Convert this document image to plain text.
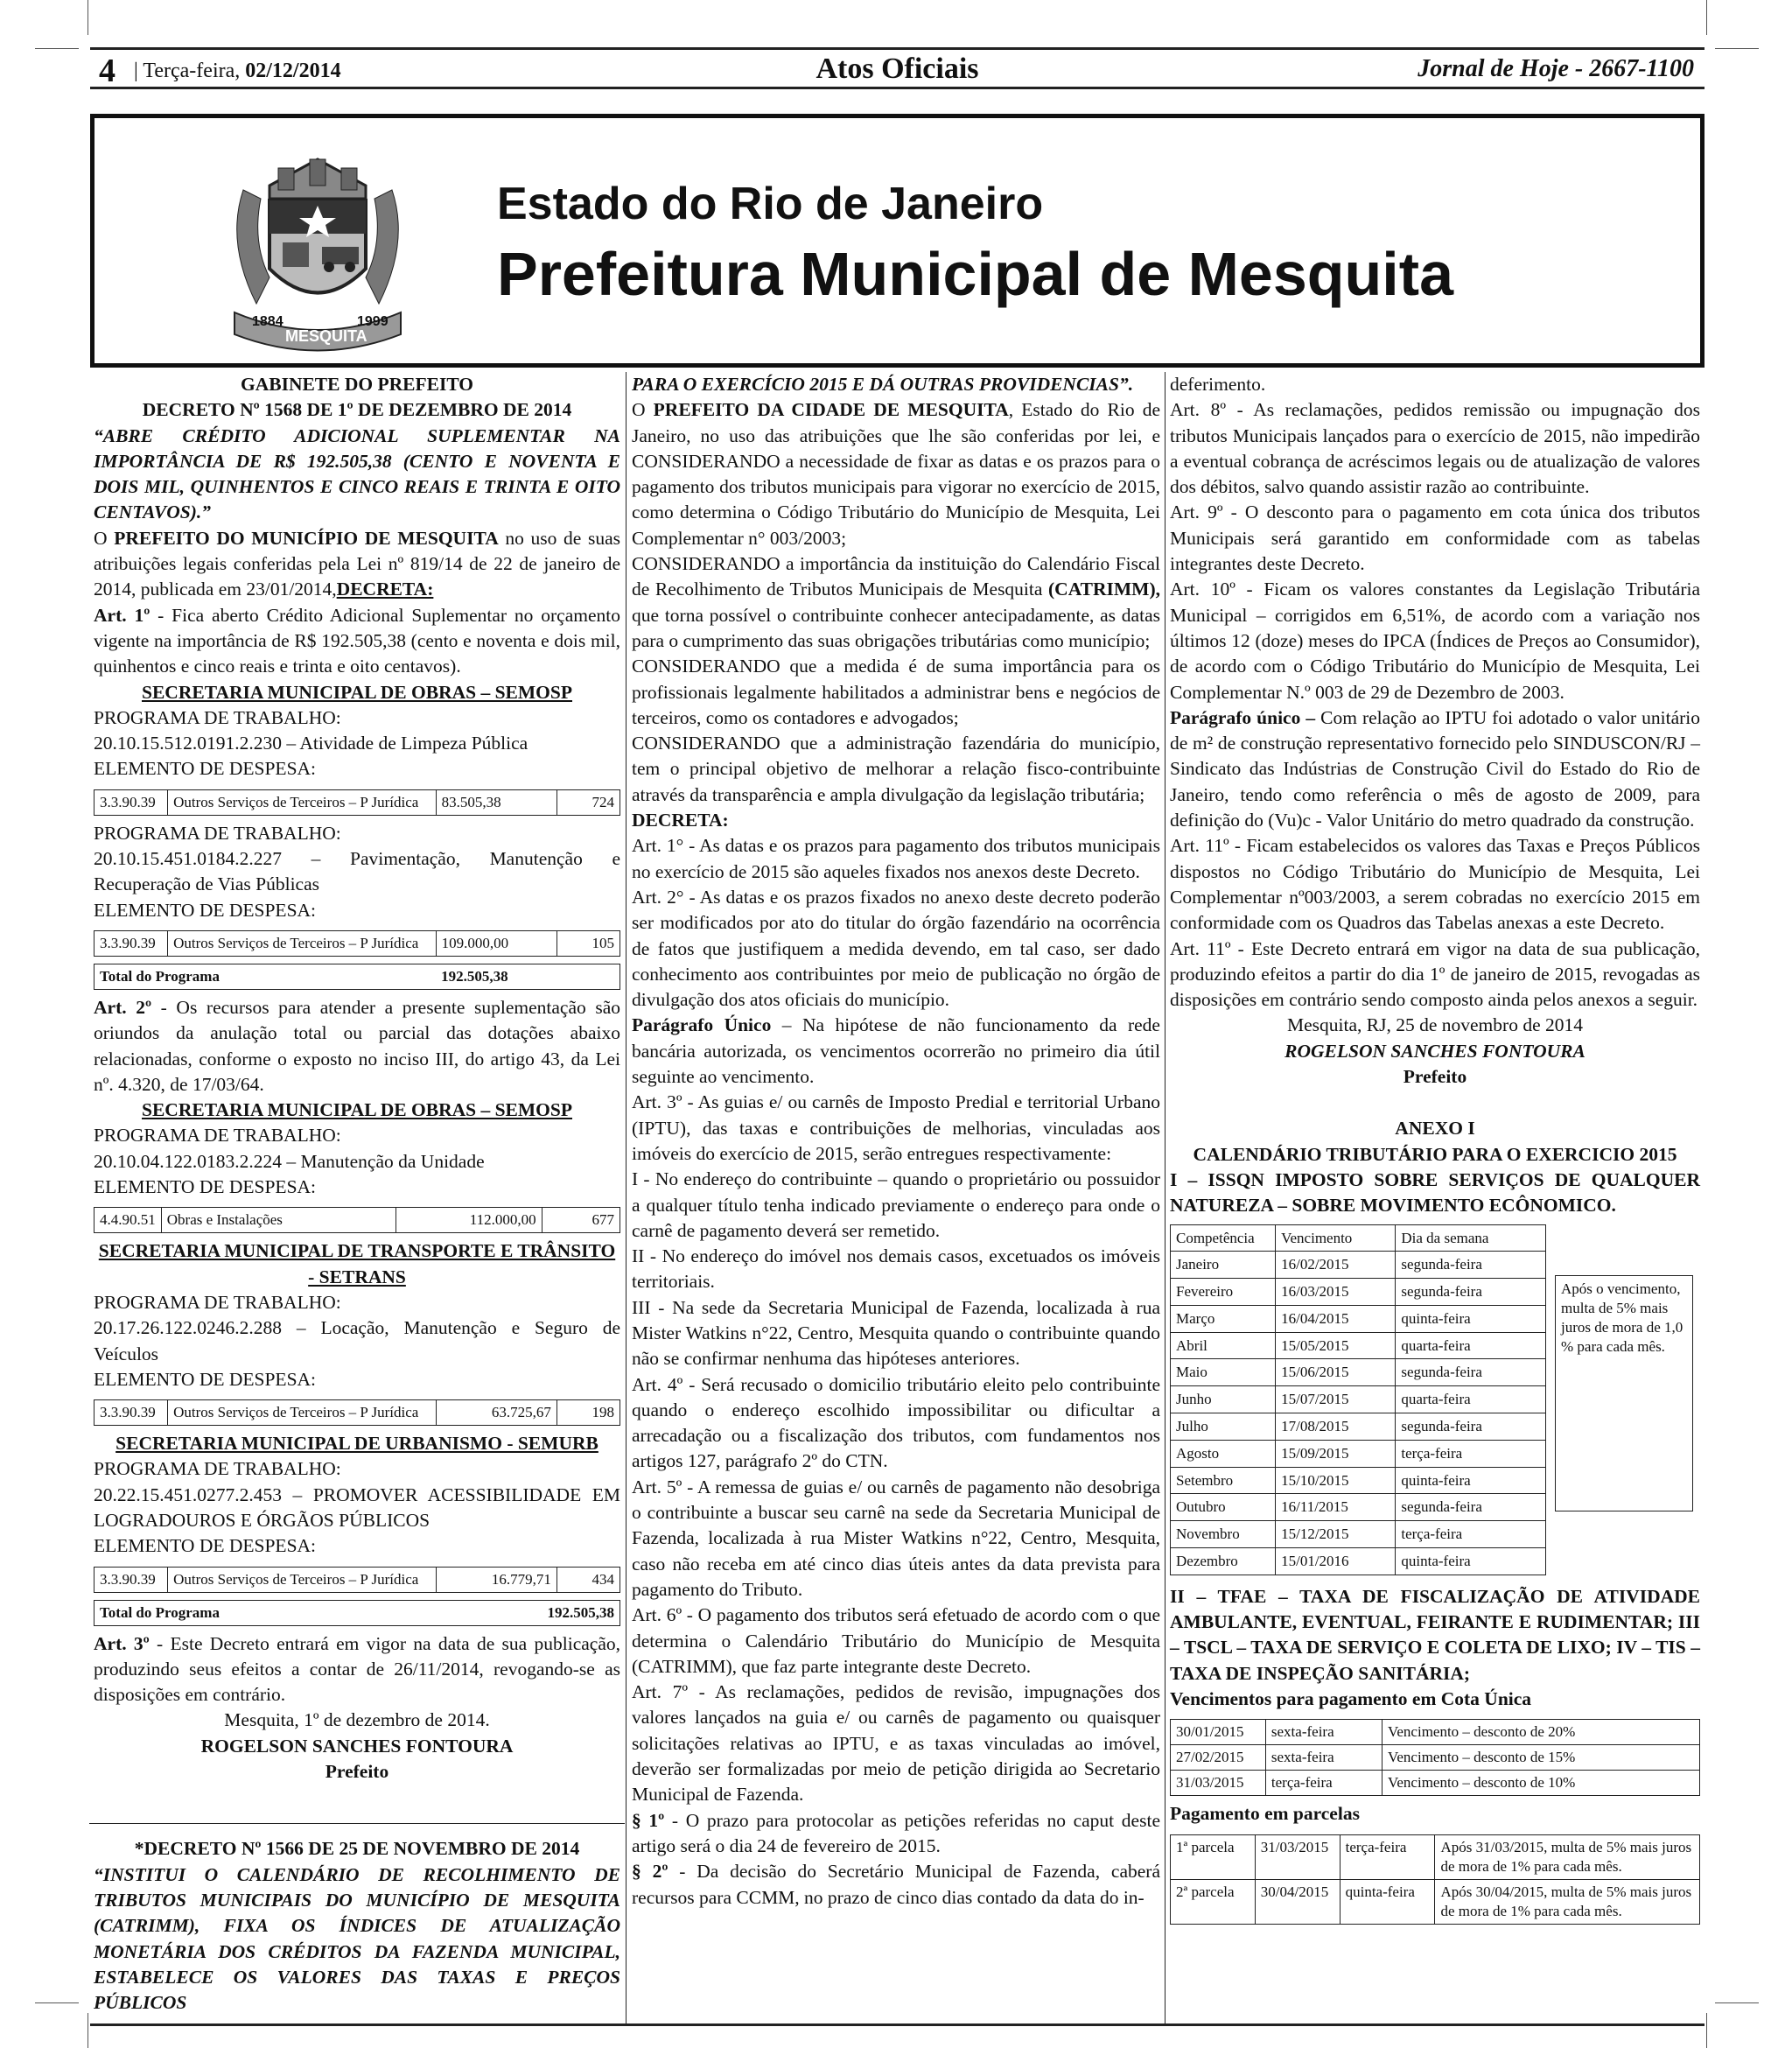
4 | Terça-feira, 02/12/2014	Atos Oficiais	Jornal de Hoje - 2667-1100
1884
MESQUITA
1999
Estado do Rio de Janeiro
Prefeitura Municipal de Mesquita

GABINETE DO PREFEITO

DECRETO Nº 1568 DE 1º DE DEZEMBRO DE 2014

“ABRE CRÉDITO ADICIONAL SUPLEMENTAR NA IMPORTÂNCIA DE R$ 192.505,38 (CENTO E NOVENTA E DOIS MIL, QUINHENTOS E CINCO REAIS E TRINTA E OITO CENTAVOS).”

O PREFEITO DO MUNICÍPIO DE MESQUITA no uso de suas atribuições legais conferidas pela Lei nº 819/14 de 22 de janeiro de 2014, publicada em 23/01/2014,DECRETA:

Art. 1º - Fica aberto Crédito Adicional Suplementar no orçamento vigente na importância de R$ 192.505,38 (cento e noventa e dois mil, quinhentos e cinco reais e trinta e oito centavos).

SECRETARIA MUNICIPAL DE OBRAS – SEMOSP

PROGRAMA DE TRABALHO:

20.10.15.512.0191.2.230 – Atividade de Limpeza Pública

ELEMENTO DE DESPESA:

3.3.90.39	Outros Serviços de Terceiros – P Jurídica	83.505,38	724

PROGRAMA DE TRABALHO:

20.10.15.451.0184.2.227 – Pavimentação, Manutenção e Recuperação de Vias Públicas

ELEMENTO DE DESPESA:

3.3.90.39	Outros Serviços de Terceiros – P Jurídica	109.000,00	105
Total do Programa	192.505,38

Art. 2º - Os recursos para atender a presente suplementação são oriundos da anulação total ou parcial das dotações abaixo relacionadas, conforme o exposto no inciso III, do artigo 43, da Lei nº. 4.320, de 17/03/64.

SECRETARIA MUNICIPAL DE OBRAS – SEMOSP

PROGRAMA DE TRABALHO:

20.10.04.122.0183.2.224 – Manutenção da Unidade

ELEMENTO DE DESPESA:

4.4.90.51	Obras e Instalações	112.000,00	677

SECRETARIA MUNICIPAL DE TRANSPORTE E TRÂNSITO - SETRANS

PROGRAMA DE TRABALHO:

20.17.26.122.0246.2.288 – Locação, Manutenção e Seguro de Veículos

ELEMENTO DE DESPESA:

3.3.90.39	Outros Serviços de Terceiros – P Jurídica	63.725,67	198

SECRETARIA MUNICIPAL DE URBANISMO - SEMURB

PROGRAMA DE TRABALHO:

20.22.15.451.0277.2.453 – PROMOVER ACESSIBILIDADE EM LOGRADOUROS E ÓRGÃOS PÚBLICOS

ELEMENTO DE DESPESA:

3.3.90.39	Outros Serviços de Terceiros – P Jurídica	16.779,71	434
Total do Programa	192.505,38

Art. 3º - Este Decreto entrará em vigor na data de sua publicação, produzindo seus efeitos a contar de 26/11/2014, revogando-se as disposições em contrário.

Mesquita, 1º de dezembro de 2014.

ROGELSON SANCHES FONTOURA

Prefeito

*DECRETO Nº 1566 DE 25 DE NOVEMBRO DE 2014

“INSTITUI O CALENDÁRIO DE RECOLHIMENTO DE TRIBUTOS MUNICIPAIS DO MUNICÍPIO DE MESQUITA (CATRIMM), FIXA OS ÍNDICES DE ATUALIZAÇÃO MONETÁRIA DOS CRÉDITOS DA FAZENDA MUNICIPAL, ESTABELECE OS VALORES DAS TAXAS E PREÇOS PÚBLICOS

PARA O EXERCÍCIO 2015 E DÁ OUTRAS PROVIDENCIAS”.

O PREFEITO DA CIDADE DE MESQUITA, Estado do Rio de Janeiro, no uso das atribuições que lhe são conferidas por lei, e CONSIDERANDO a necessidade de fixar as datas e os prazos para o pagamento dos tributos municipais para vigorar no exercício de 2015, como determina o Código Tributário do Município de Mesquita, Lei Complementar n° 003/2003;

CONSIDERANDO a importância da instituição do Calendário Fiscal de Recolhimento de Tributos Municipais de Mesquita (CATRIMM), que torna possível o contribuinte conhecer antecipadamente, as datas para o cumprimento das suas obrigações tributárias como município;

CONSIDERANDO que a medida é de suma importância para os profissionais legalmente habilitados a administrar bens e negócios de terceiros, como os contadores e advogados;

CONSIDERANDO que a administração fazendária do município, tem o principal objetivo de melhorar a relação fisco-contribuinte através da transparência e ampla divulgação da legislação tributária;

DECRETA:

Art. 1° - As datas e os prazos para pagamento dos tributos municipais no exercício de 2015 são aqueles fixados nos anexos deste Decreto.

Art. 2° - As datas e os prazos fixados no anexo deste decreto poderão ser modificados por ato do titular do órgão fazendário na ocorrência de fatos que justifiquem a medida devendo, em tal caso, ser dado conhecimento aos contribuintes por meio de publicação no órgão de divulgação dos atos oficiais do município.

Parágrafo Único – Na hipótese de não funcionamento da rede bancária autorizada, os vencimentos ocorrerão no primeiro dia útil seguinte ao vencimento.

Art. 3º - As guias e/ ou carnês de Imposto Predial e territorial Urbano (IPTU), das taxas e contribuições de melhorias, vinculadas aos imóveis do exercício de 2015, serão entregues respectivamente:

I - No endereço do contribuinte – quando o proprietário ou possuidor a qualquer título tenha indicado previamente o endereço para onde o carnê de pagamento deverá ser remetido.

II - No endereço do imóvel nos demais casos, excetuados os imóveis territoriais.

III - Na sede da Secretaria Municipal de Fazenda, localizada à rua Mister Watkins n°22, Centro, Mesquita quando o contribuinte quando não se confirmar nenhuma das hipóteses anteriores.

Art. 4º - Será recusado o domicilio tributário eleito pelo contribuinte quando o endereço escolhido impossibilitar ou dificultar a arrecadação ou a fiscalização dos tributos, com fundamentos nos artigos 127, parágrafo 2º do CTN.

Art. 5º - A remessa de guias e/ ou carnês de pagamento não desobriga o contribuinte a buscar seu carnê na sede da Secretaria Municipal de Fazenda, localizada à rua Mister Watkins n°22, Centro, Mesquita, caso não receba em até cinco dias úteis antes da data prevista para pagamento do Tributo.

Art. 6º - O pagamento dos tributos será efetuado de acordo com o que determina o Calendário Tributário do Município de Mesquita (CATRIMM), que faz parte integrante deste Decreto.

Art. 7º - As reclamações, pedidos de revisão, impugnações dos valores lançados na guia e/ ou carnês de pagamento ou quaisquer solicitações relativas ao IPTU, e as taxas vinculadas ao imóvel, deverão ser formalizadas por meio de petição dirigida ao Secretario Municipal de Fazenda.

§ 1º - O prazo para protocolar as petições referidas no caput deste artigo será o dia 24 de fevereiro de 2015.

§ 2º - Da decisão do Secretário Municipal de Fazenda, caberá recursos para CCMM, no prazo de cinco dias contado da data do in-

deferimento.

Art. 8º - As reclamações, pedidos remissão ou impugnação dos tributos Municipais lançados para o exercício de 2015, não impedirão a eventual cobrança de acréscimos legais ou de atualização de valores dos débitos, salvo quando assistir razão ao contribuinte.

Art. 9º - O desconto para o pagamento em cota única dos tributos Municipais será garantido em conformidade com as tabelas integrantes deste Decreto.

Art. 10º - Ficam os valores constantes da Legislação Tributária Municipal – corrigidos em 6,51%, de acordo com a variação nos últimos 12 (doze) meses do IPCA (Índices de Preços ao Consumidor), de acordo com o Código Tributário do Município de Mesquita, Lei Complementar N.º 003 de 29 de Dezembro de 2003.

Parágrafo único – Com relação ao IPTU foi adotado o valor unitário de m² de construção representativo fornecido pelo SINDUSCON/RJ – Sindicato das Indústrias de Construção Civil do Estado do Rio de Janeiro, tendo como referência o mês de agosto de 2009, para definição do (Vu)c - Valor Unitário do metro quadrado da construção.

Art. 11º - Ficam estabelecidos os valores das Taxas e Preços Públicos dispostos no Código Tributário do Município de Mesquita, Lei Complementar nº003/2003, a serem cobradas no exercício 2015 em conformidade com os Quadros das Tabelas anexas a este Decreto.

Art. 11º - Este Decreto entrará em vigor na data de sua publicação, produzindo efeitos a partir do dia 1º de janeiro de 2015, revogadas as disposições em contrário sendo composto ainda pelos anexos a seguir.

Mesquita, RJ, 25 de novembro de 2014

ROGELSON SANCHES FONTOURA

Prefeito

ANEXO I

CALENDÁRIO TRIBUTÁRIO PARA O EXERCICIO 2015

I – ISSQN IMPOSTO SOBRE SERVIÇOS DE QUALQUER NATUREZA – SOBRE MOVIMENTO ECÔNOMICO.

Competência	Vencimento	Dia da semana
Janeiro	16/02/2015	segunda-feira
Fevereiro	16/03/2015	segunda-feira
Março	16/04/2015	quinta-feira
Abril	15/05/2015	quarta-feira
Maio	15/06/2015	segunda-feira
Junho	15/07/2015	quarta-feira
Julho	17/08/2015	segunda-feira
Agosto	15/09/2015	terça-feira
Setembro	15/10/2015	quinta-feira
Outubro	16/11/2015	segunda-feira
Novembro	15/12/2015	terça-feira
Dezembro	15/01/2016	quinta-feira
Após o vencimento, multa de 5% mais juros de mora de 1,0 % para cada mês.

II – TFAE – TAXA DE FISCALIZAÇÃO DE ATIVIDADE AMBULANTE, EVENTUAL, FEIRANTE E RUDIMENTAR; III – TSCL – TAXA DE SERVIÇO E COLETA DE LIXO; IV – TIS – TAXA DE INSPEÇÃO SANITÁRIA;

Vencimentos para pagamento em Cota Única

30/01/2015	sexta-feira	Vencimento – desconto de 20%
27/02/2015	sexta-feira	Vencimento – desconto de 15%
31/03/2015	terça-feira	Vencimento – desconto de 10%

Pagamento em parcelas

1ª parcela	31/03/2015	terça-feira	Após 31/03/2015, multa de 5% mais juros de mora de 1% para cada mês.
2ª parcela	30/04/2015	quinta-feira	Após 30/04/2015, multa de 5% mais juros de mora de 1% para cada mês.
